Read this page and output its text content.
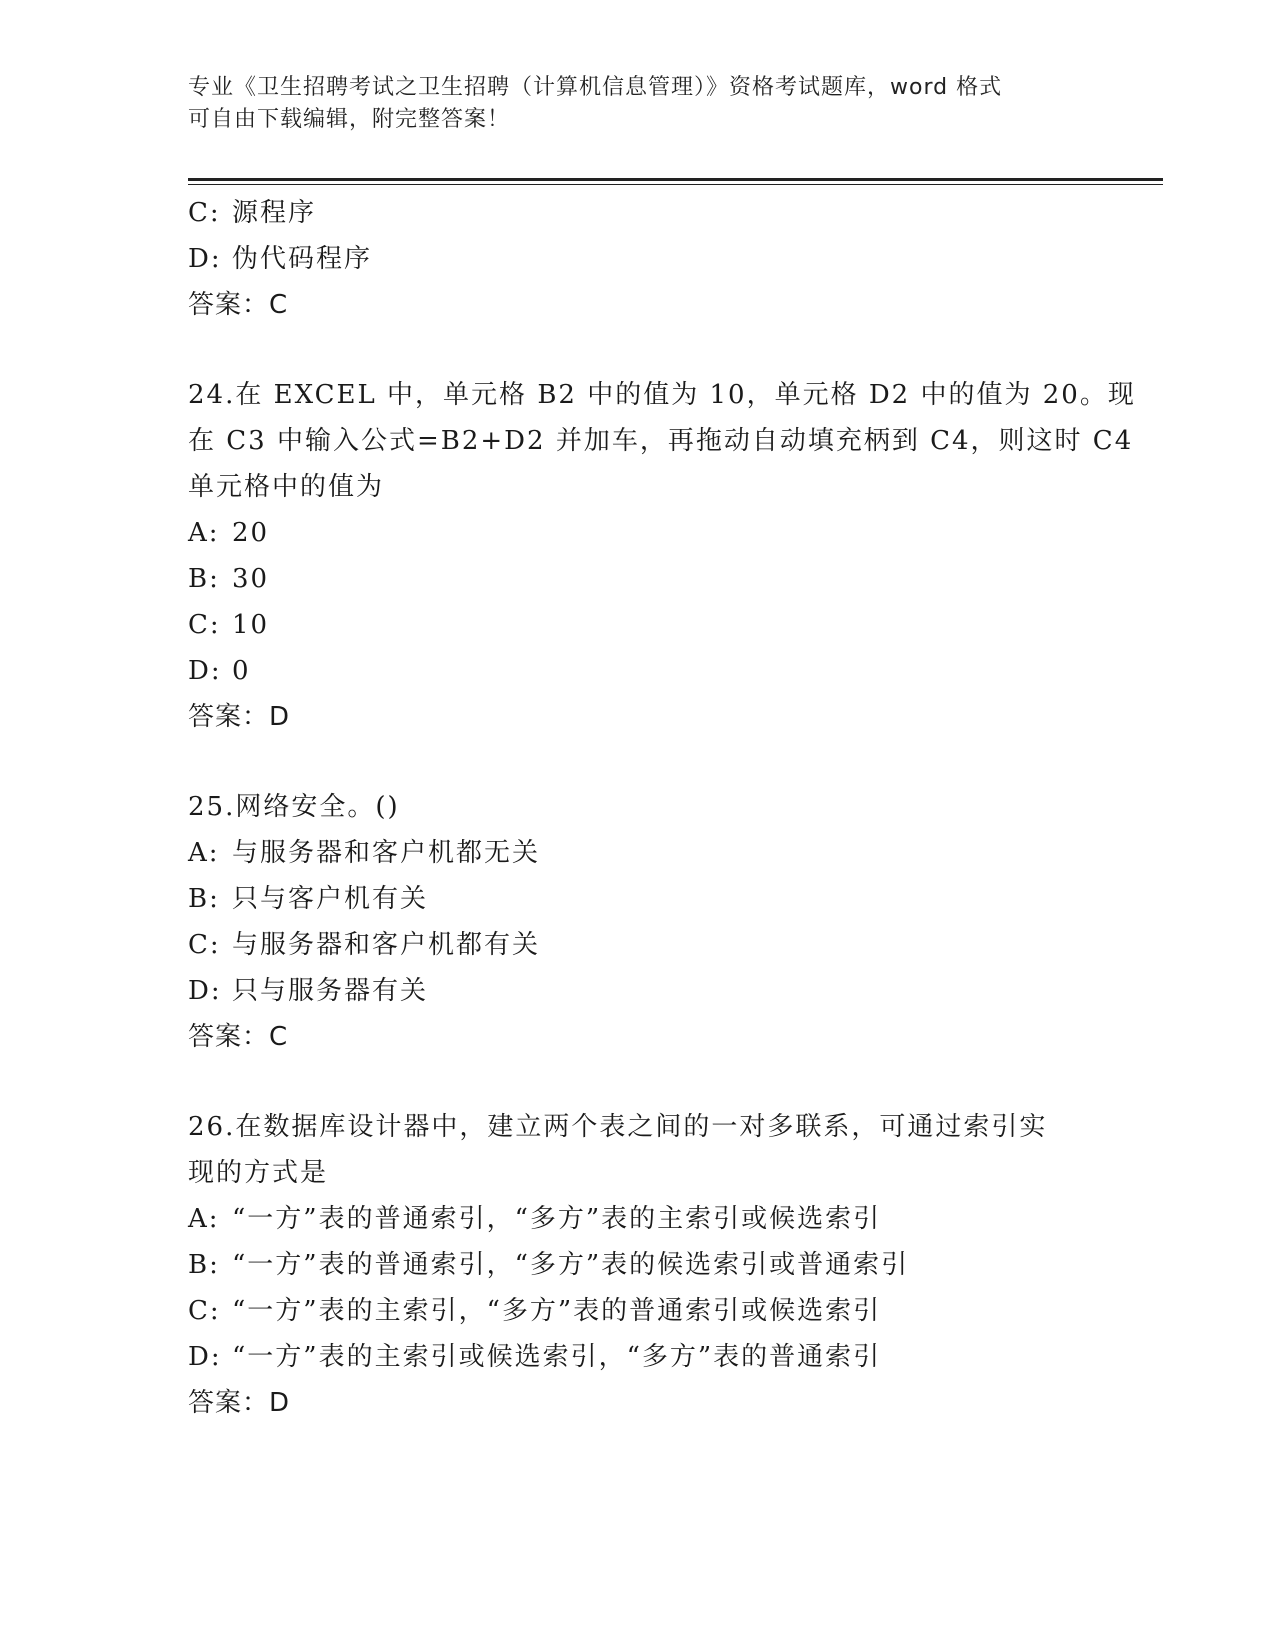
专业《卫生招聘考试之卫生招聘（计算机信息管理）》资格考试题库，word 格式
可自由下载编辑，附完整答案！
C: 源程序
D: 伪代码程序
答案：C
24.在 EXCEL 中，单元格 B2 中的值为 10，单元格 D2 中的值为 20。现
在 C3 中输入公式=B2+D2 并加车，再拖动自动填充柄到 C4，则这时 C4
单元格中的值为
A: 20
B: 30
C: 10
D: 0
答案：D
25.网络安全。()
A: 与服务器和客户机都无关
B: 只与客户机有关
C: 与服务器和客户机都有关
D: 只与服务器有关
答案：C
26.在数据库设计器中，建立两个表之间的一对多联系，可通过索引实
现的方式是
A: “一方”表的普通索引，“多方”表的主索引或候选索引
B: “一方”表的普通索引，“多方”表的候选索引或普通索引
C: “一方”表的主索引，“多方”表的普通索引或候选索引
D: “一方”表的主索引或候选索引，“多方”表的普通索引
答案：D
